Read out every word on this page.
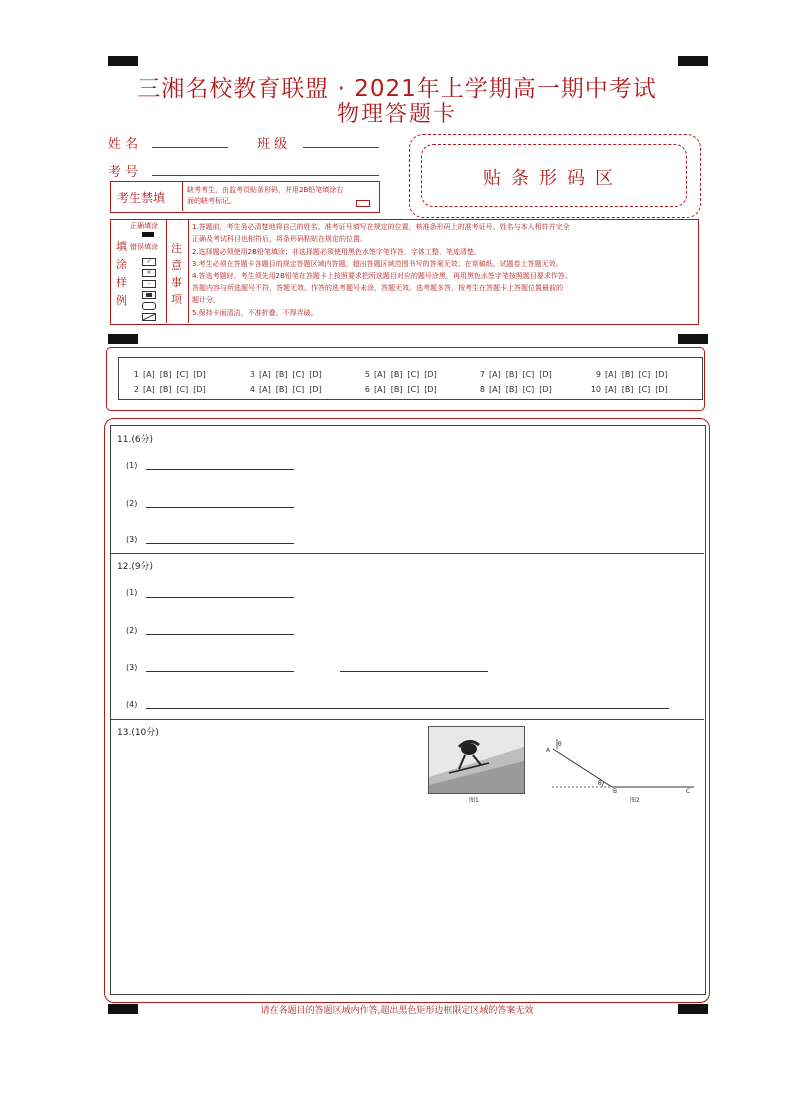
三湘名校教育联盟 · 2021年上学期高一期中考试
物理答题卡
姓 名	班 级
考 号	贴条形码区
考生禁填
缺考考生，由监考员贴条形码，并用2B铅笔填涂右
面的缺考标记。
正确填涂
错误填涂
填
涂
样
例
✓
×
-
注
意
事
项
1.答题前，考生务必清楚地将自己的姓名、准考证号填写在规定的位置，核准条形码上的准考证号、姓名与本人相符并完全
正确及考试科目也相符后，将条形码粘贴在规定的位置。
2.选择题必须使用2B铅笔填涂；非选择题必须使用黑色水签字笔作答，字体工整、笔迹清楚。
3.考生必须在答题卡各题目的规定答题区域内答题，超出答题区域范围书写的答案无效；在草稿纸、试题卷上答题无效。
4.答选考题时，考生须先用2B铅笔在答题卡上按照要求把所选题目对应的题号涂黑，再用黑色水签字笔按照题目要求作答。
答题内容与所选题号不符，答题无效。作答的选考题号未涂，答题无效。选考题多答，按考生在答题卡上答题位置最前的
题计分。
5.保持卡面清洁，不准折叠、不得弄破。
1 [A] [B] [C] [D]
2 [A] [B] [C] [D]
3 [A] [B] [C] [D]
4 [A] [B] [C] [D]
5 [A] [B] [C] [D]
6 [A] [B] [C] [D]
7 [A] [B] [C] [D]
8 [A] [B] [C] [D]
9 [A] [B] [C] [D]
10 [A] [B] [C] [D]
11.(6分)
(1)
(2)
(3)
12.(9分)
(1)
(2)
(3)
(4)
13.(10分)
图1
A
θ
θ
B	C
图2
请在各题目的答题区域内作答,超出黑色矩形边框限定区域的答案无效
